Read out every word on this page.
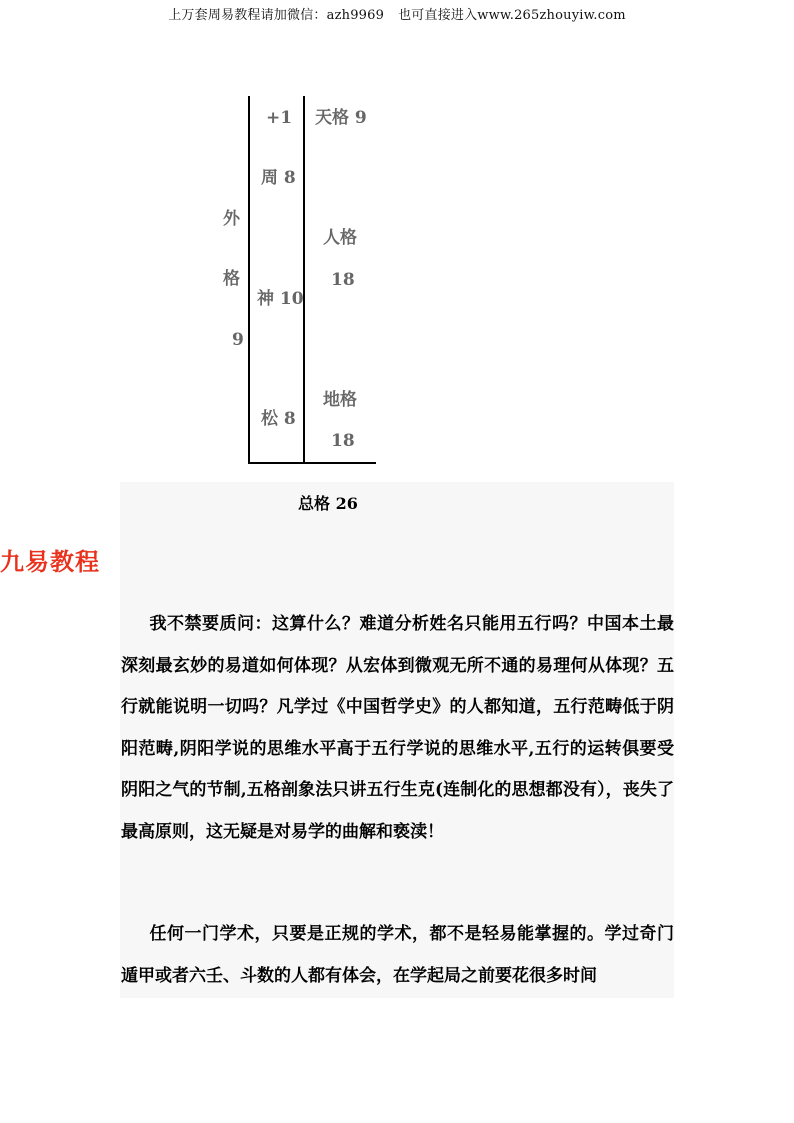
上万套周易教程请加微信：azh9969 也可直接进入www.265zhouyiw.com
外
格
9
+1
周 8
神 10
松 8
天格 9
人格
18
地格
18
总格 26
九易教程

我不禁要质问：这算什么？难道分析姓名只能用五行吗？中国本土最深刻最玄妙的易道如何体现？从宏体到微观无所不通的易理何从体现？五行就能说明一切吗？凡学过《中国哲学史》的人都知道，五行范畴低于阴阳范畴,阴阳学说的思维水平高于五行学说的思维水平,五行的运转俱要受阴阳之气的节制,五格剖象法只讲五行生克(连制化的思想都没有），丧失了最高原则，这无疑是对易学的曲解和亵渎！

任何一门学术，只要是正规的学术，都不是轻易能掌握的。学过奇门遁甲或者六壬、斗数的人都有体会，在学起局之前要花很多时间
